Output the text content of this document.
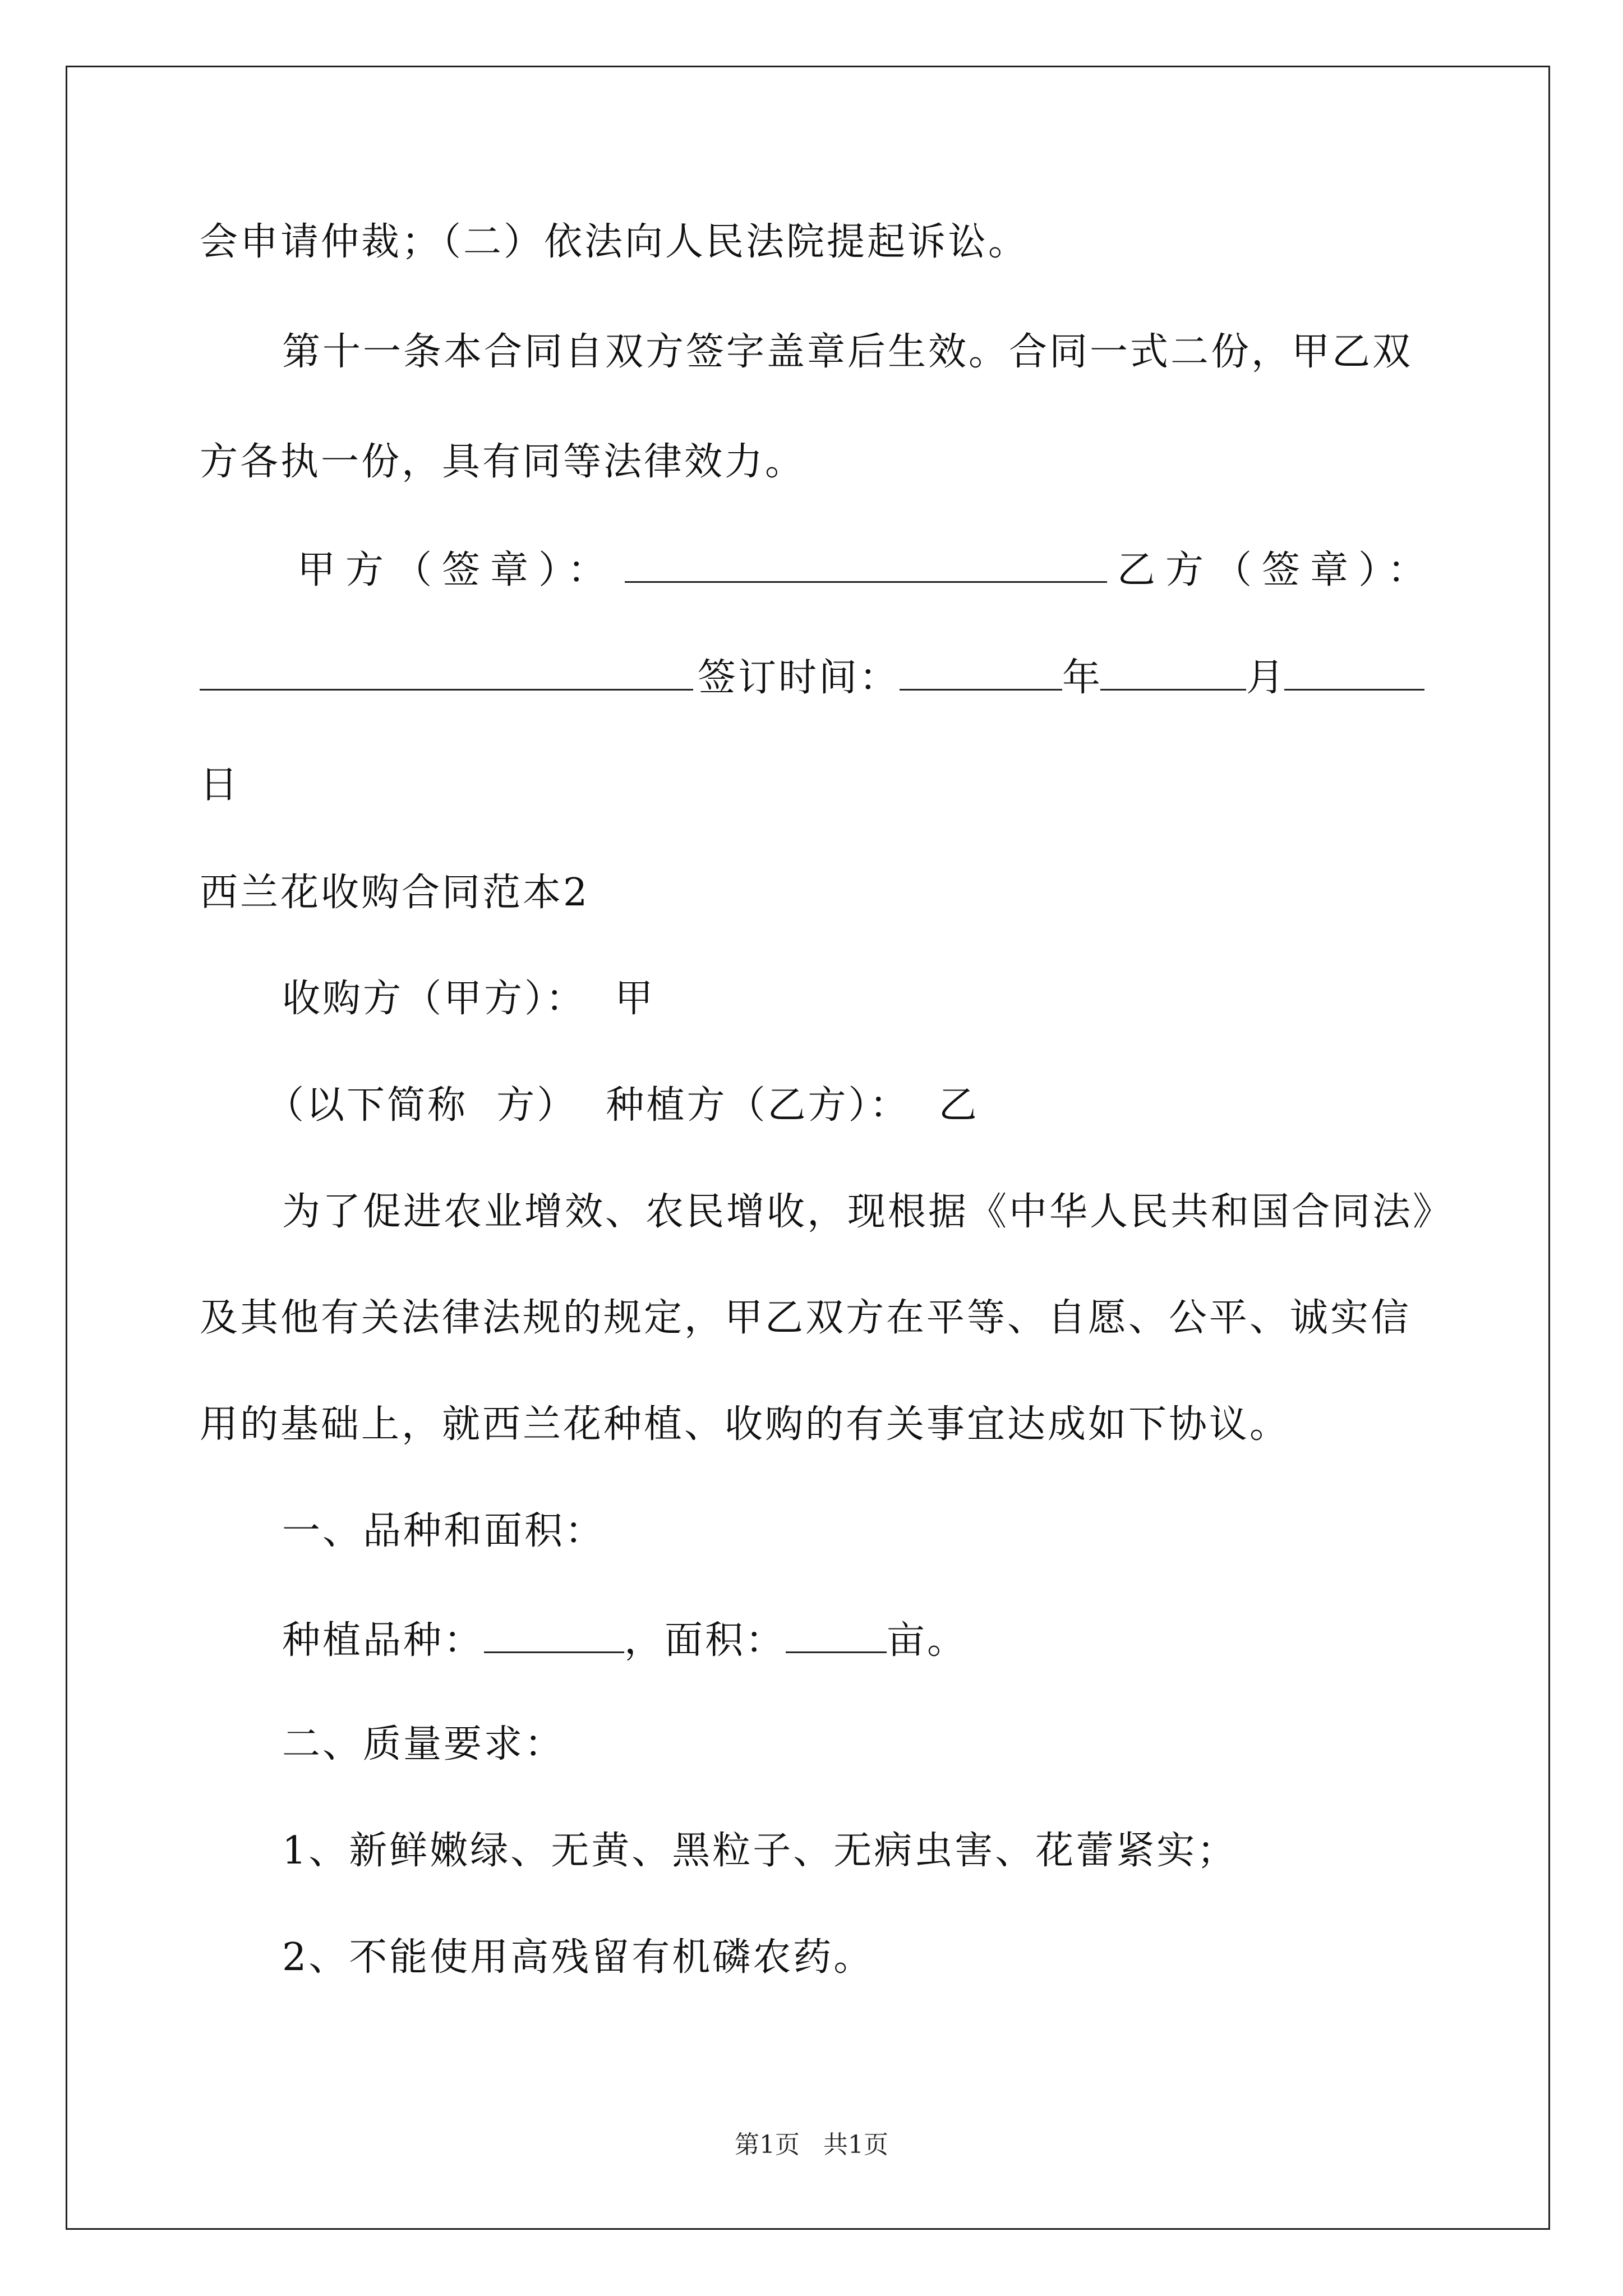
会申请仲裁；（二）依法向人民法院提起诉讼。
第十一条本合同自双方签字盖章后生效。合同一式二份，甲乙双
方各执一份，具有同等法律效力。
甲方（签章）：	乙方（签章）：
签订时间：	年	月
日
西兰花收购合同范本2
收购方（甲方）：  甲
（以下简称  方）  种植方（乙方）：  乙
为了促进农业增效、农民增收，现根据《中华人民共和国合同法》
及其他有关法律法规的规定，甲乙双方在平等、自愿、公平、诚实信
用的基础上，就西兰花种植、收购的有关事宜达成如下协议。
一、品种和面积：
种植品种：	，面积：	亩。
二、质量要求：
1、新鲜嫩绿、无黄、黑粒子、无病虫害、花蕾紧实；
2、不能使用高残留有机磷农药。
第1页   共1页
